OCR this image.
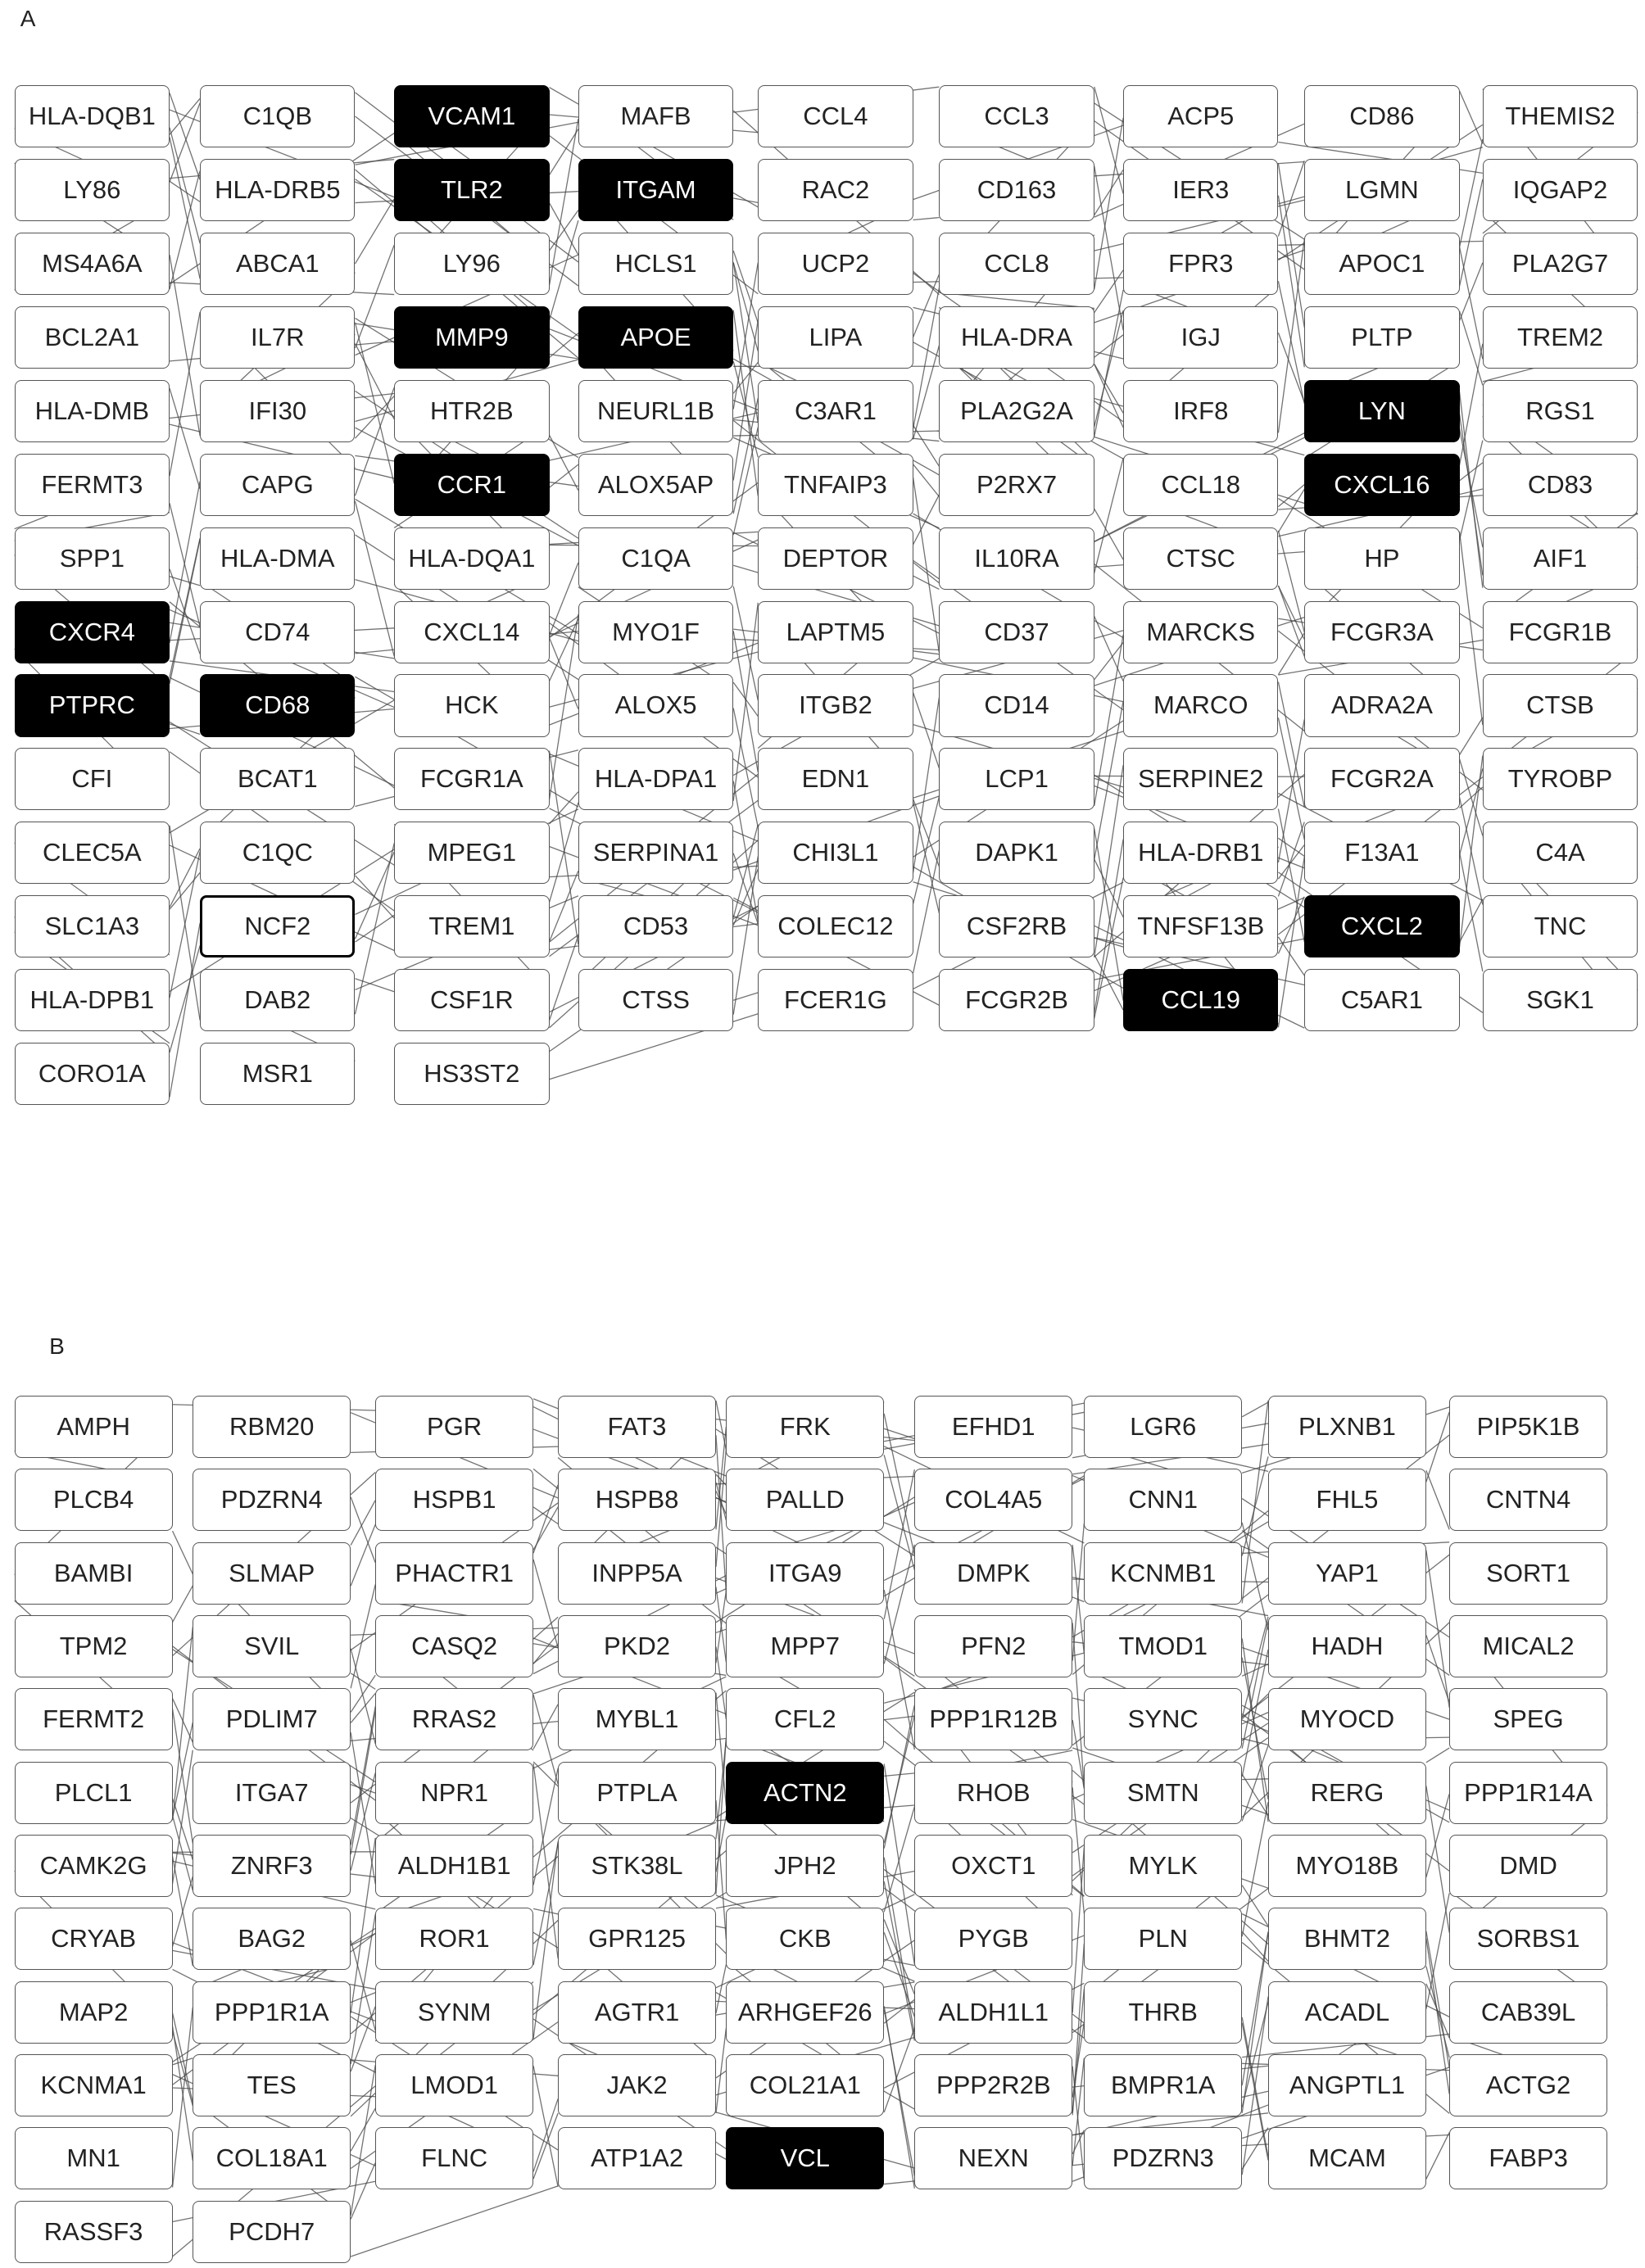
A
HLA-DQB1	C1QB	VCAM1	MAFB	CCL4	CCL3	ACP5	CD86	THEMIS2
LY86	HLA-DRB5	TLR2	ITGAM	RAC2	CD163	IER3	LGMN	IQGAP2
MS4A6A	ABCA1	LY96	HCLS1	UCP2	CCL8	FPR3	APOC1	PLA2G7
BCL2A1	IL7R	MMP9	APOE	LIPA	HLA-DRA	IGJ	PLTP	TREM2
HLA-DMB	IFI30	HTR2B	NEURL1B	C3AR1	PLA2G2A	IRF8	LYN	RGS1
FERMT3	CAPG	CCR1	ALOX5AP	TNFAIP3	P2RX7	CCL18	CXCL16	CD83
SPP1	HLA-DMA	HLA-DQA1	C1QA	DEPTOR	IL10RA	CTSC	HP	AIF1
CXCR4	CD74	CXCL14	MYO1F	LAPTM5	CD37	MARCKS	FCGR3A	FCGR1B
PTPRC	CD68	HCK	ALOX5	ITGB2	CD14	MARCO	ADRA2A	CTSB
CFI	BCAT1	FCGR1A	HLA-DPA1	EDN1	LCP1	SERPINE2	FCGR2A	TYROBP
CLEC5A	C1QC	MPEG1	SERPINA1	CHI3L1	DAPK1	HLA-DRB1	F13A1	C4A
SLC1A3	NCF2	TREM1	CD53	COLEC12	CSF2RB	TNFSF13B	CXCL2	TNC
HLA-DPB1	DAB2	CSF1R	CTSS	FCER1G	FCGR2B	CCL19	C5AR1	SGK1
CORO1A	MSR1	HS3ST2
B
AMPH	RBM20	PGR	FAT3	FRK	EFHD1	LGR6	PLXNB1	PIP5K1B
PLCB4	PDZRN4	HSPB1	HSPB8	PALLD	COL4A5	CNN1	FHL5	CNTN4
BAMBI	SLMAP	PHACTR1	INPP5A	ITGA9	DMPK	KCNMB1	YAP1	SORT1
TPM2	SVIL	CASQ2	PKD2	MPP7	PFN2	TMOD1	HADH	MICAL2
FERMT2	PDLIM7	RRAS2	MYBL1	CFL2	PPP1R12B	SYNC	MYOCD	SPEG
PLCL1	ITGA7	NPR1	PTPLA	ACTN2	RHOB	SMTN	RERG	PPP1R14A
CAMK2G	ZNRF3	ALDH1B1	STK38L	JPH2	OXCT1	MYLK	MYO18B	DMD
CRYAB	BAG2	ROR1	GPR125	CKB	PYGB	PLN	BHMT2	SORBS1
MAP2	PPP1R1A	SYNM	AGTR1	ARHGEF26	ALDH1L1	THRB	ACADL	CAB39L
KCNMA1	TES	LMOD1	JAK2	COL21A1	PPP2R2B	BMPR1A	ANGPTL1	ACTG2
MN1	COL18A1	FLNC	ATP1A2	VCL	NEXN	PDZRN3	MCAM	FABP3
RASSF3	PCDH7
